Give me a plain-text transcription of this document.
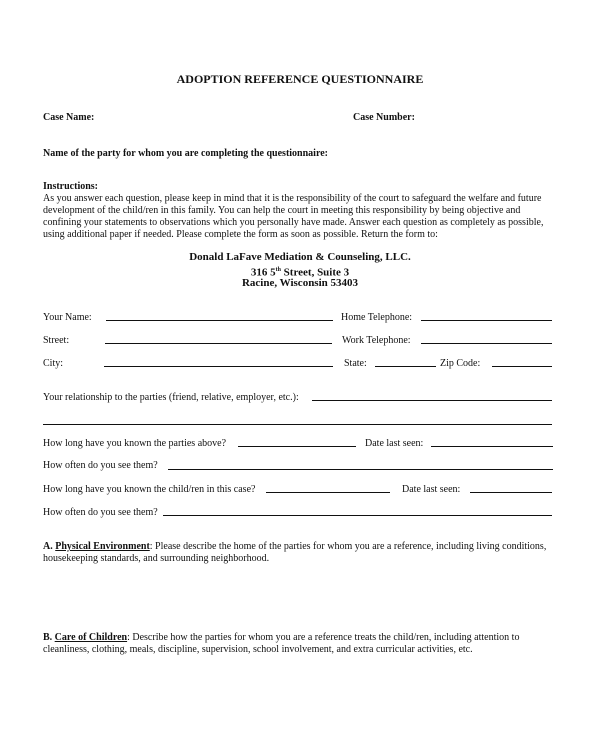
ADOPTION REFERENCE QUESTIONNAIRE
Case Name:	Case Number:
Name of the party for whom you are completing the questionnaire:
Instructions:
As you answer each question, please keep in mind that it is the responsibility of the court to safeguard the welfare and future
development of the child/ren in this family. You can help the court in meeting this responsibility by being objective and
confining your statements to observations which you personally have made. Answer each question as completely as possible,
using additional paper if needed. Please complete the form as soon as possible. Return the form to:
Donald LaFave Mediation & Counseling, LLC.
316 5th Street, Suite 3
Racine, Wisconsin 53403
Your Name:	Home Telephone:
Street:	Work Telephone:
City:	State:	Zip Code:
Your relationship to the parties (friend, relative, employer, etc.):
How long have you known the parties above?	Date last seen:
How often do you see them?
How long have you known the child/ren in this case?	Date last seen:
How often do you see them?
A. Physical Environment: Please describe the home of the parties for whom you are a reference, including living conditions,
housekeeping standards, and surrounding neighborhood.
B. Care of Children: Describe how the parties for whom you are a reference treats the child/ren, including attention to
cleanliness, clothing, meals, discipline, supervision, school involvement, and extra curricular activities, etc.
